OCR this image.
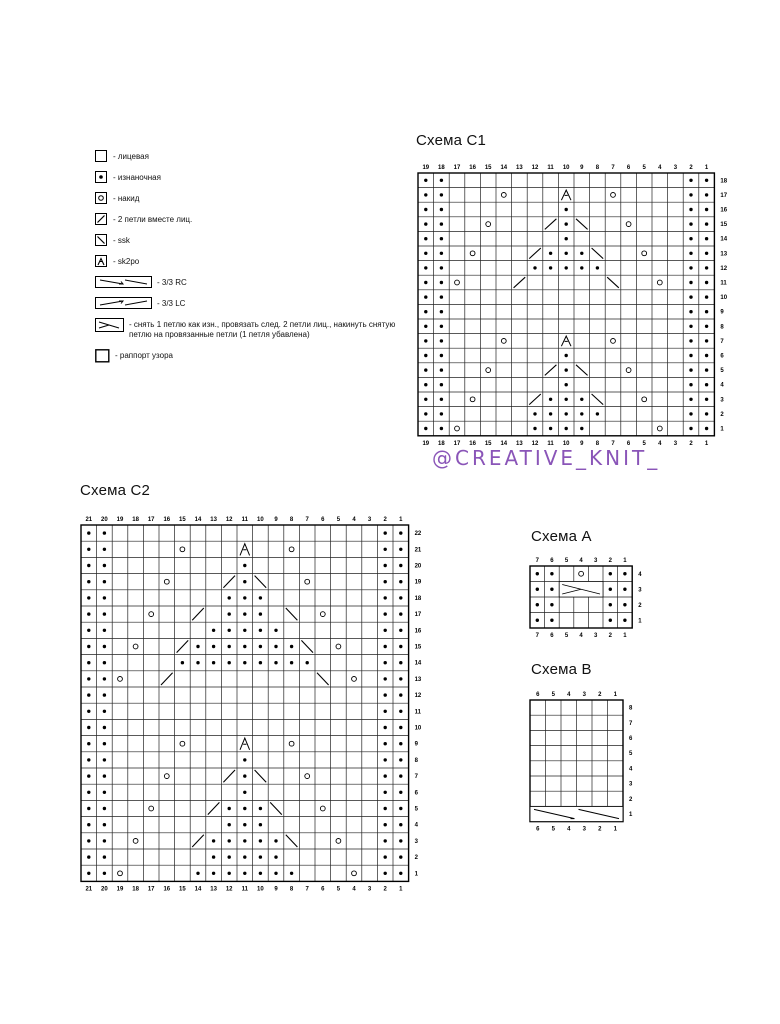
Схема С1
Схема С2
Схема А
Схема В
- лицевая
- изнаночная
- накид
- 2 петли вместе лиц.
- ssk
- sk2po
- 3/3 RC
- 3/3 LC
- снять 1 петлю как изн., провязать след. 2 петли лиц., накинуть снятую петлю на провязанные петли (1 петля убавлена)
- раппорт узора
1
1
2
2
3
3
4
4
5
5
6
6
7
7
8
8
9
9
10
10
11
11
12
12
13
13
14
14
15
15
16
16
17
17
18
18
19
19
1
2
3
4
5
6
7
8
9
10
11
12
13
14
15
16
17
18
1
1
2
2
3
3
4
4
5
5
6
6
7
7
8
8
9
9
10
10
11
11
12
12
13
13
14
14
15
15
16
16
17
17
18
18
19
19
20
20
21
21
1
2
3
4
5
6
7
8
9
10
11
12
13
14
15
16
17
18
19
20
21
22
1
1
2
2
3
3
4
4
5
5
6
6
7
7
1
2
3
4
1
1
2
2
3
3
4
4
5
5
6
6
1
2
3
4
5
6
7
8
@CREATIVE_KNIT_
